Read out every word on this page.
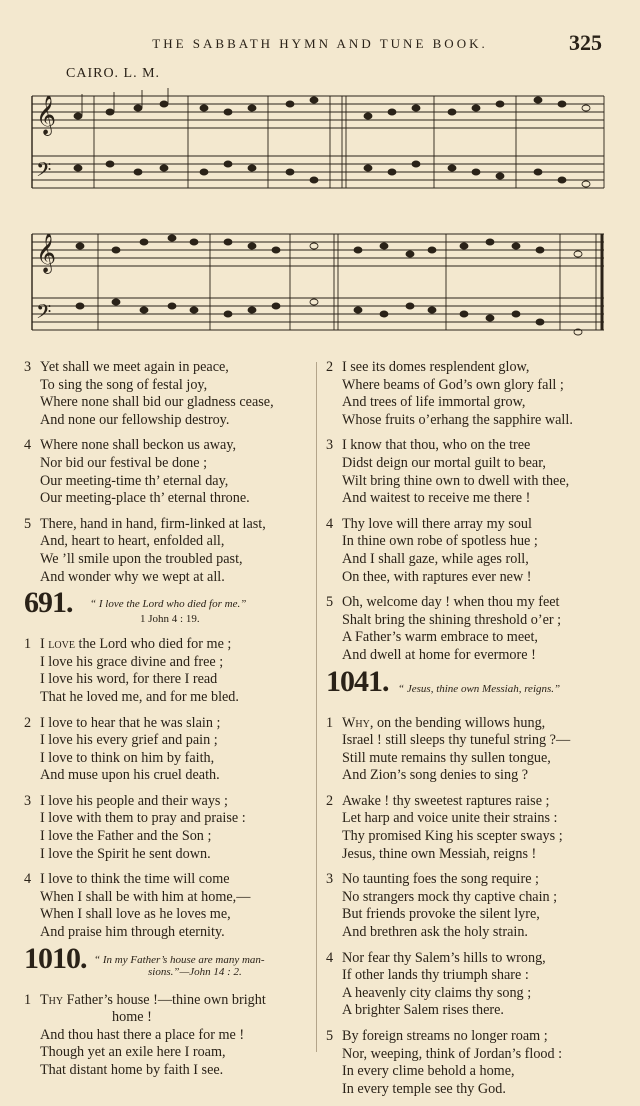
THE SABBATH HYMN AND TUNE BOOK.	325
CAIRO. L. M.
𝄞
𝄢
𝄞
𝄢
3 Yet shall we meet again in peace,
To sing the song of festal joy,
Where none shall bid our gladness cease,
And none our fellowship destroy.
4 Where none shall beckon us away,
Nor bid our festival be done ;
Our meeting-time th’ eternal day,
Our meeting-place th’ eternal throne.
5 There, hand in hand, firm-linked at last,
And, heart to heart, enfolded all,
We ’ll smile upon the troubled past,
And wonder why we wept at all.
691. “ I love the Lord who died for me.”
1 John 4 : 19.
1 I love the Lord who died for me ;
I love his grace divine and free ;
I love his word, for there I read
That he loved me, and for me bled.
2 I love to hear that he was slain ;
I love his every grief and pain ;
I love to think on him by faith,
And muse upon his cruel death.
3 I love his people and their ways ;
I love with them to pray and praise :
I love the Father and the Son ;
I love the Spirit he sent down.
4 I love to think the time will come
When I shall be with him at home,—
When I shall love as he loves me,
And praise him through eternity.
1010. “ In my Father’s house are many man-
sions.”—John 14 : 2.
1 Thy Father’s house !—thine own bright
home !
And thou hast there a place for me !
Though yet an exile here I roam,
That distant home by faith I see.
2 I see its domes resplendent glow,
Where beams of God’s own glory fall ;
And trees of life immortal grow,
Whose fruits o’erhang the sapphire wall.
3 I know that thou, who on the tree
Didst deign our mortal guilt to bear,
Wilt bring thine own to dwell with thee,
And waitest to receive me there !
4 Thy love will there array my soul
In thine own robe of spotless hue ;
And I shall gaze, while ages roll,
On thee, with raptures ever new !
5 Oh, welcome day ! when thou my feet
Shalt bring the shining threshold o’er ;
A Father’s warm embrace to meet,
And dwell at home for evermore !
1041. “ Jesus, thine own Messiah, reigns.”
1 Why, on the bending willows hung,
Israel ! still sleeps thy tuneful string ?—
Still mute remains thy sullen tongue,
And Zion’s song denies to sing ?
2 Awake ! thy sweetest raptures raise ;
Let harp and voice unite their strains :
Thy promised King his scepter sways ;
Jesus, thine own Messiah, reigns !
3 No taunting foes the song require ;
No strangers mock thy captive chain ;
But friends provoke the silent lyre,
And brethren ask the holy strain.
4 Nor fear thy Salem’s hills to wrong,
If other lands thy triumph share :
A heavenly city claims thy song ;
A brighter Salem rises there.
5 By foreign streams no longer roam ;
Nor, weeping, think of Jordan’s flood :
In every clime behold a home,
In every temple see thy God.
